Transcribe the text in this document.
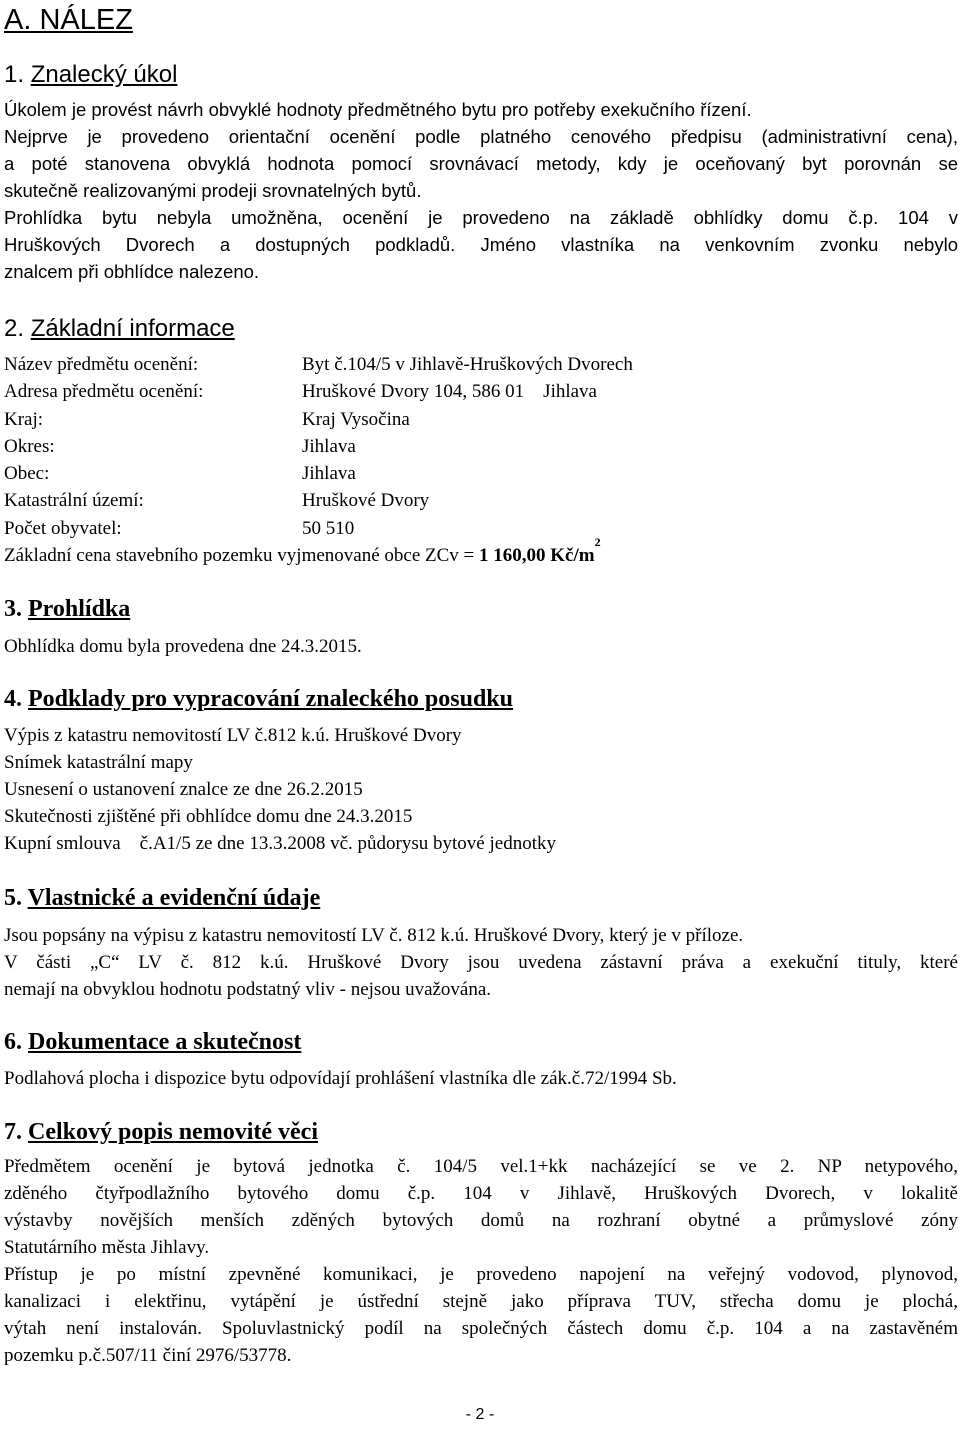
A. NÁLEZ
1. Znalecký úkol
Úkolem je provést návrh obvyklé hodnoty předmětného bytu pro potřeby exekučního řízení.
Nejprve je provedeno orientační ocenění podle platného cenového předpisu (administrativní cena),
a poté stanovena obvyklá hodnota pomocí srovnávací metody, kdy je oceňovaný byt porovnán se
skutečně realizovanými prodeji srovnatelných bytů.
Prohlídka bytu nebyla umožněna, ocenění je provedeno na základě obhlídky domu č.p. 104 v
Hruškových Dvorech a dostupných podkladů. Jméno vlastníka na venkovním zvonku nebylo
znalcem při obhlídce nalezeno.
2. Základní informace
Název předmětu ocenění:	Byt č.104/5 v Jihlavě-Hruškových Dvorech
Adresa předmětu ocenění:	Hruškové Dvory 104, 586 01    Jihlava
Kraj:	Kraj Vysočina
Okres:	Jihlava
Obec:	Jihlava
Katastrální území:	Hruškové Dvory
Počet obyvatel:	50 510
Základní cena stavebního pozemku vyjmenované obce ZCv = 1 160,00 Kč/m
2
3. Prohlídka
Obhlídka domu byla provedena dne 24.3.2015.
4. Podklady pro vypracování znaleckého posudku
Výpis z katastru nemovitostí LV č.812 k.ú. Hruškové Dvory
Snímek katastrální mapy
Usnesení o ustanovení znalce ze dne 26.2.2015
Skutečnosti zjištěné při obhlídce domu dne 24.3.2015
Kupní smlouva    č.A1/5 ze dne 13.3.2008 vč. půdorysu bytové jednotky
5. Vlastnické a evidenční údaje
Jsou popsány na výpisu z katastru nemovitostí LV č. 812 k.ú. Hruškové Dvory, který je v příloze.
V části „C“ LV č. 812 k.ú. Hruškové Dvory jsou uvedena zástavní práva a exekuční tituly, které
nemají na obvyklou hodnotu podstatný vliv - nejsou uvažována.
6. Dokumentace a skutečnost
Podlahová plocha i dispozice bytu odpovídají prohlášení vlastníka dle zák.č.72/1994 Sb.
7. Celkový popis nemovité věci
Předmětem ocenění je bytová jednotka č. 104/5 vel.1+kk nacházející se ve 2. NP netypového,
zděného čtyřpodlažního bytového domu č.p. 104 v Jihlavě, Hruškových Dvorech, v lokalitě
výstavby novějších menších zděných bytových domů na rozhraní obytné a průmyslové zóny
Statutárního města Jihlavy.
Přístup je po místní zpevněné komunikaci, je provedeno napojení na veřejný vodovod, plynovod,
kanalizaci i elektřinu, vytápění je ústřední stejně jako příprava TUV, střecha domu je plochá,
výtah není instalován. Spoluvlastnický podíl na společných částech domu č.p. 104 a na zastavěném
pozemku p.č.507/11 činí 2976/53778.
- 2 -
